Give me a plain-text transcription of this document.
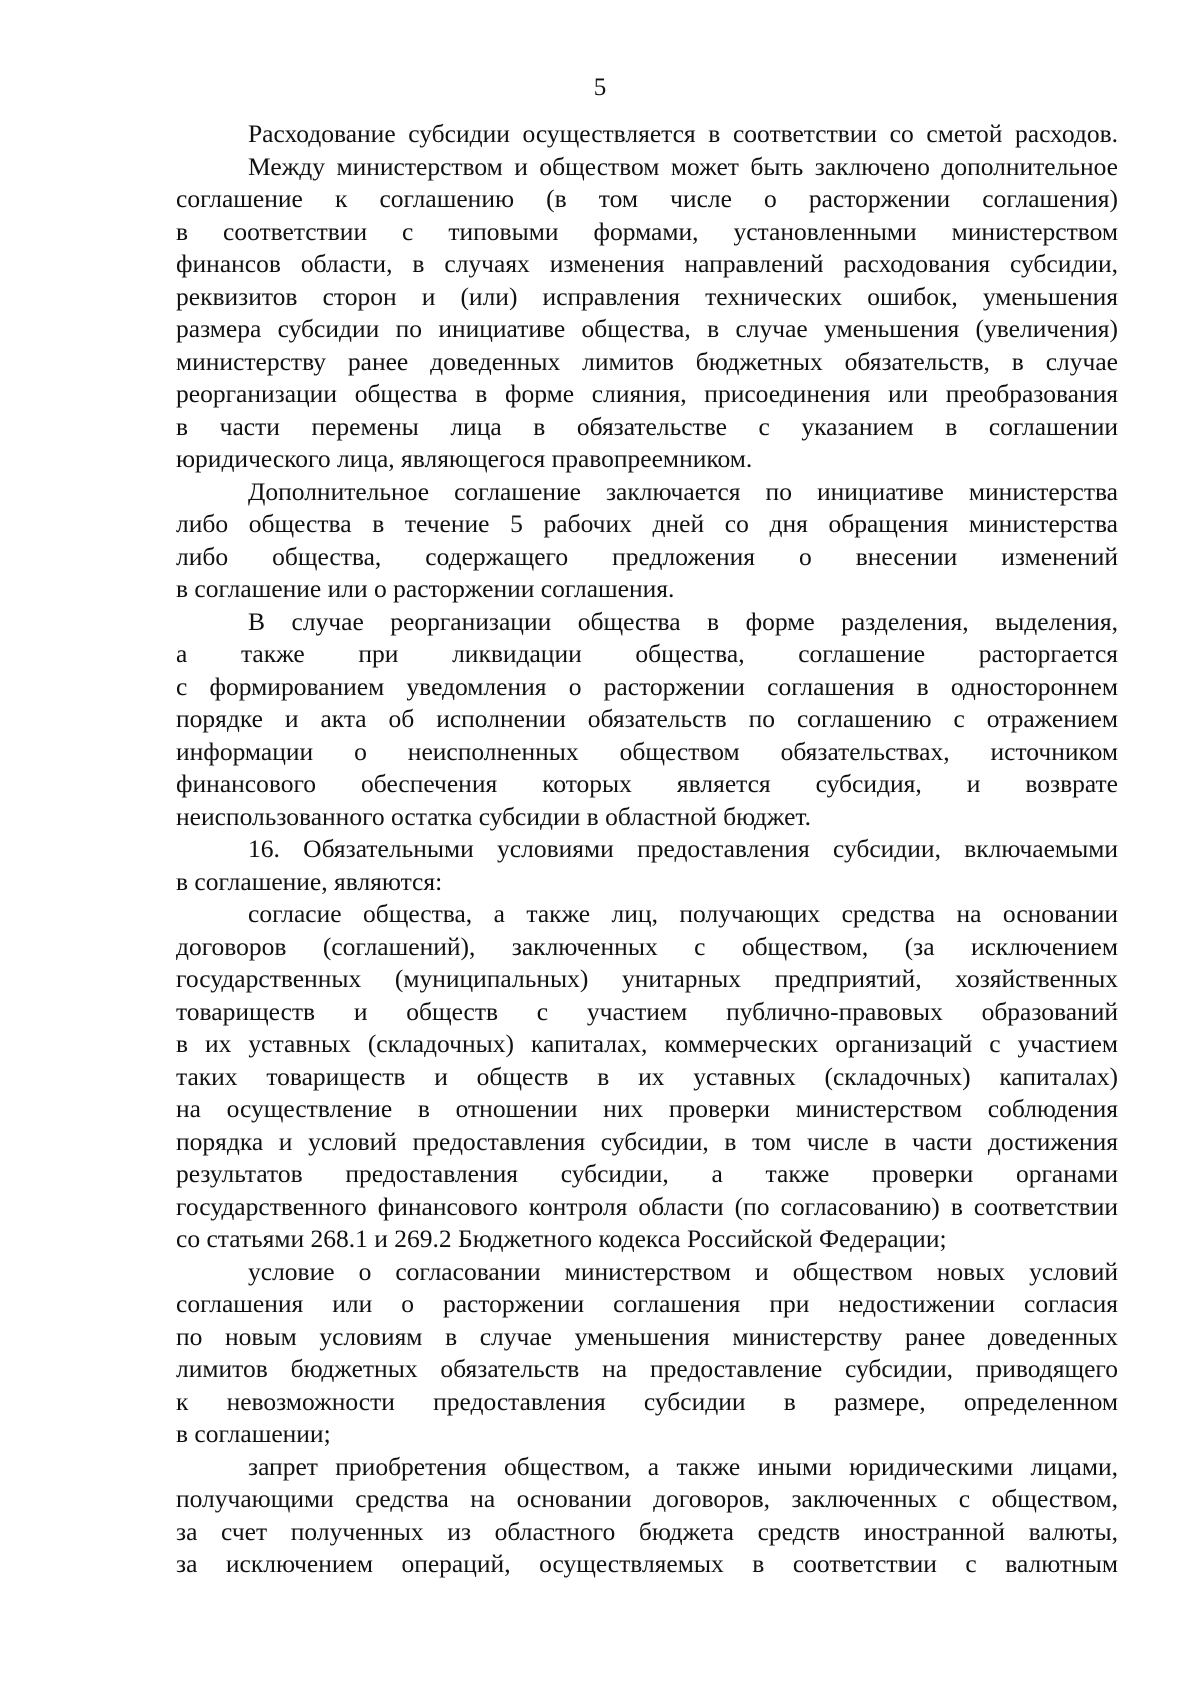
5
Расходование субсидии осуществляется в соответствии со сметой расходов.
Между министерством и обществом может быть заключено дополнительное
соглашение к соглашению (в том числе о расторжении соглашения)
в соответствии с типовыми формами, установленными министерством
финансов области, в случаях изменения направлений расходования субсидии,
реквизитов сторон и (или) исправления технических ошибок, уменьшения
размера субсидии по инициативе общества, в случае уменьшения (увеличения)
министерству ранее доведенных лимитов бюджетных обязательств, в случае
реорганизации общества в форме слияния, присоединения или преобразования
в части перемены лица в обязательстве с указанием в соглашении
юридического лица, являющегося правопреемником.
Дополнительное соглашение заключается по инициативе министерства
либо общества в течение 5 рабочих дней со дня обращения министерства
либо общества, содержащего предложения о внесении изменений
в соглашение или о расторжении соглашения.
В случае реорганизации общества в форме разделения, выделения,
а также при ликвидации общества, соглашение расторгается
с формированием уведомления о расторжении соглашения в одностороннем
порядке и акта об исполнении обязательств по соглашению с отражением
информации о неисполненных обществом обязательствах, источником
финансового обеспечения которых является субсидия, и возврате
неиспользованного остатка субсидии в областной бюджет.
16. Обязательными условиями предоставления субсидии, включаемыми
в соглашение, являются:
согласие общества, а также лиц, получающих средства на основании
договоров (соглашений), заключенных с обществом, (за исключением
государственных (муниципальных) унитарных предприятий, хозяйственных
товариществ и обществ с участием публично-правовых образований
в их уставных (складочных) капиталах, коммерческих организаций с участием
таких товариществ и обществ в их уставных (складочных) капиталах)
на осуществление в отношении них проверки министерством соблюдения
порядка и условий предоставления субсидии, в том числе в части достижения
результатов предоставления субсидии, а также проверки органами
государственного финансового контроля области (по согласованию) в соответствии
со статьями 268.1 и 269.2 Бюджетного кодекса Российской Федерации;
условие о согласовании министерством и обществом новых условий
соглашения или о расторжении соглашения при недостижении согласия
по новым условиям в случае уменьшения министерству ранее доведенных
лимитов бюджетных обязательств на предоставление субсидии, приводящего
к невозможности предоставления субсидии в размере, определенном
в соглашении;
запрет приобретения обществом, а также иными юридическими лицами,
получающими средства на основании договоров, заключенных с обществом,
за счет полученных из областного бюджета средств иностранной валюты,
за исключением операций, осуществляемых в соответствии с валютным
